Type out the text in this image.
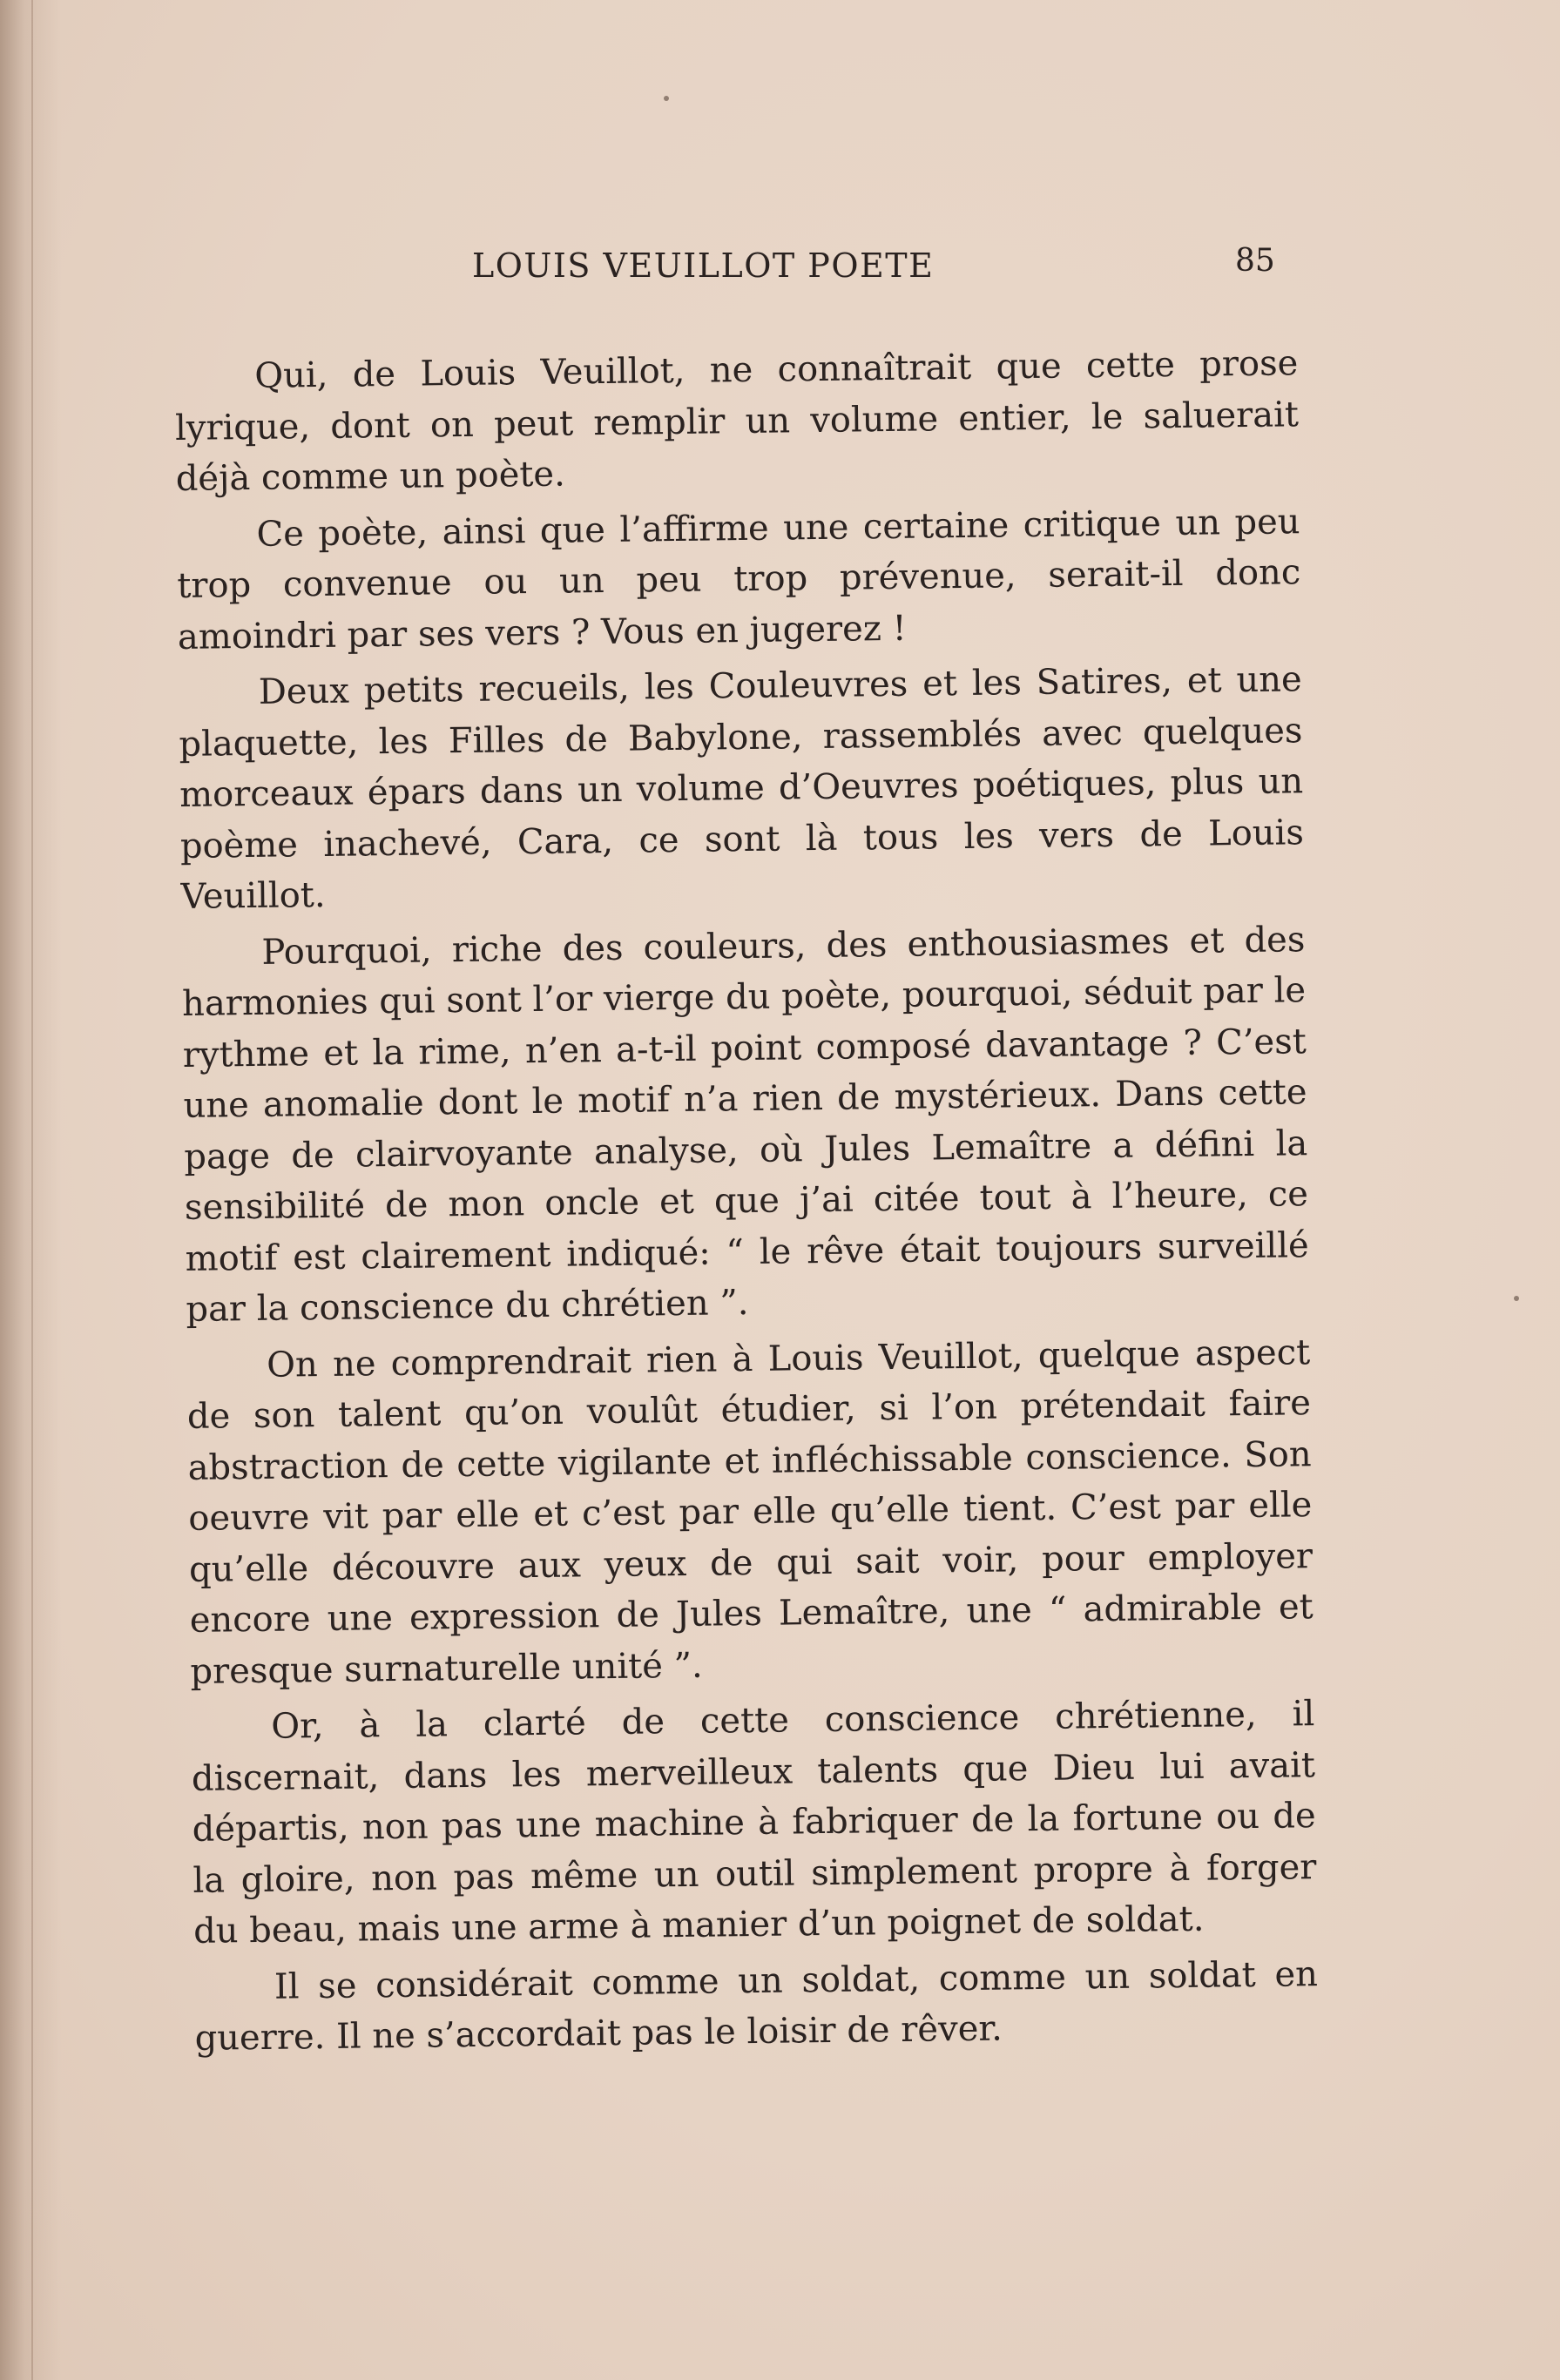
LOUIS VEUILLOT POETE	85

Qui, de Louis Veuillot, ne connaîtrait que cette prose lyrique, dont on peut remplir un volume entier, le saluerait déjà comme un poète.

Ce poète, ainsi que l’affirme une certaine critique un peu trop convenue ou un peu trop prévenue, serait-il donc amoindri par ses vers ? Vous en jugerez !

Deux petits recueils, les Couleuvres et les Satires, et une plaquette, les Filles de Babylone, rassemblés avec quelques morceaux épars dans un volume d’Oeuvres poétiques, plus un poème inachevé, Cara, ce sont là tous les vers de Louis Veuillot.

Pourquoi, riche des couleurs, des enthousiasmes et des harmonies qui sont l’or vierge du poète, pourquoi, séduit par le rythme et la rime, n’en a-t-il point composé davantage ? C’est une anomalie dont le motif n’a rien de mystérieux. Dans cette page de clairvoyante analyse, où Jules Lemaître a défini la sensibilité de mon oncle et que j’ai citée tout à l’heure, ce motif est clairement indiqué: “ le rêve était toujours surveillé par la conscience du chrétien ”.

On ne comprendrait rien à Louis Veuillot, quelque aspect de son talent qu’on voulût étudier, si l’on prétendait faire abstraction de cette vigilante et infléchissable conscience. Son oeuvre vit par elle et c’est par elle qu’elle tient. C’est par elle qu’elle découvre aux yeux de qui sait voir, pour employer encore une expression de Jules Lemaître, une “ admirable et presque surnaturelle unité ”.

Or, à la clarté de cette conscience chrétienne, il discernait, dans les merveilleux talents que Dieu lui avait départis, non pas une machine à fabriquer de la fortune ou de la gloire, non pas même un outil simplement propre à forger du beau, mais une arme à manier d’un poignet de soldat.

Il se considérait comme un soldat, comme un soldat en guerre. Il ne s’accordait pas le loisir de rêver.
